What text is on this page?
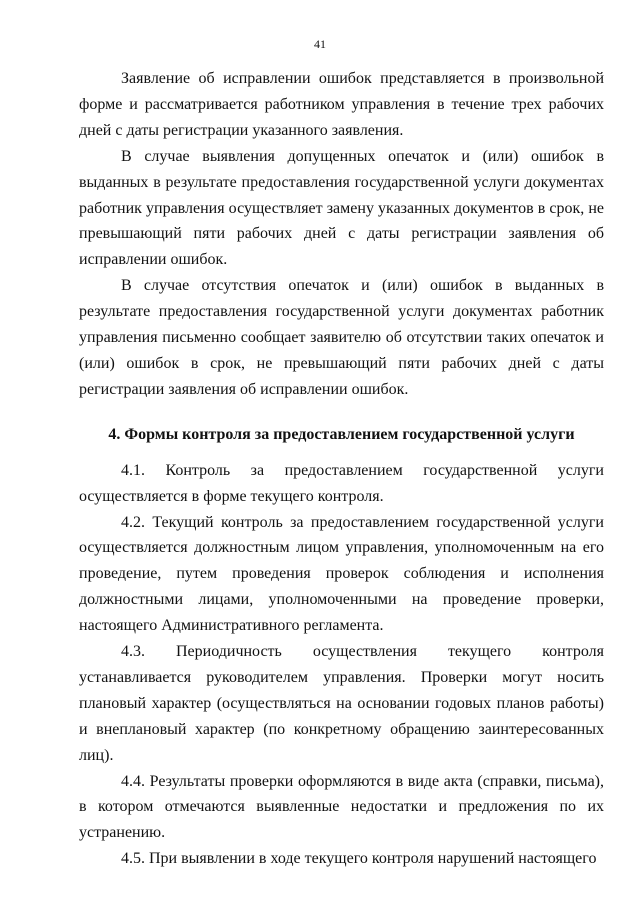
41

Заявление об исправлении ошибок представляется в произвольной форме и рассматривается работником управления в течение трех рабочих дней с даты регистрации указанного заявления.

В случае выявления допущенных опечаток и (или) ошибок в выданных в результате предоставления государственной услуги документах работник управления осуществляет замену указанных документов в срок, не превышающий пяти рабочих дней с даты регистрации заявления об исправлении ошибок.

В случае отсутствия опечаток и (или) ошибок в выданных в результате предоставления государственной услуги документах работник управления письменно сообщает заявителю об отсутствии таких опечаток и (или) ошибок в срок, не превышающий пяти рабочих дней с даты регистрации заявления об исправлении ошибок.

4. Формы контроля за предоставлением государственной услуги

4.1. Контроль за предоставлением государственной услуги осуществляется в форме текущего контроля.

4.2. Текущий контроль за предоставлением государственной услуги осуществляется должностным лицом управления, уполномоченным на его проведение, путем проведения проверок соблюдения и исполнения должностными лицами, уполномоченными на проведение проверки, настоящего Административного регламента.

4.3. Периодичность осуществления текущего контроля устанавливается руководителем управления. Проверки могут носить плановый характер (осуществляться на основании годовых планов работы) и внеплановый характер (по конкретному обращению заинтересованных лиц).

4.4. Результаты проверки оформляются в виде акта (справки, письма), в котором отмечаются выявленные недостатки и предложения по их устранению.

4.5. При выявлении в ходе текущего контроля нарушений настоящего
